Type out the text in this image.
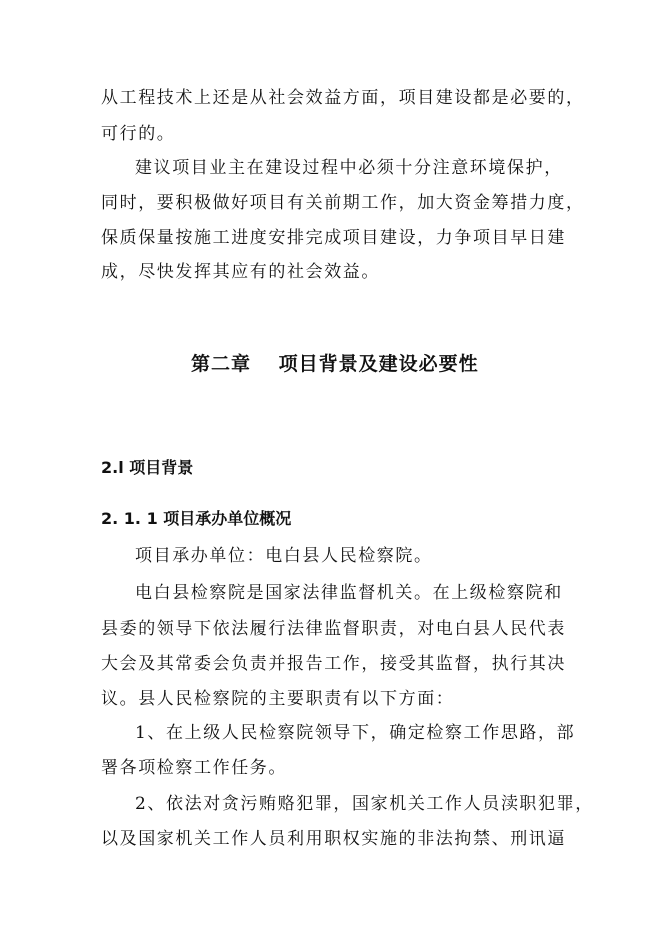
从工程技术上还是从社会效益方面，项目建设都是必要的，
可行的。
建议项目业主在建设过程中必须十分注意环境保护，
同时，要积极做好项目有关前期工作，加大资金筹措力度，
保质保量按施工进度安排完成项目建设，力争项目早日建
成，尽快发挥其应有的社会效益。
第二章　 项目背景及建设必要性
2.l 项目背景
2. 1. 1 项目承办单位概况
项目承办单位：电白县人民检察院。
电白县检察院是国家法律监督机关。在上级检察院和
县委的领导下依法履行法律监督职责，对电白县人民代表
大会及其常委会负责并报告工作，接受其监督，执行其决
议。县人民检察院的主要职责有以下方面：
1、在上级人民检察院领导下，确定检察工作思路，部
署各项检察工作任务。
2、依法对贪污贿赂犯罪，国家机关工作人员渎职犯罪，
以及国家机关工作人员利用职权实施的非法拘禁、刑讯逼
